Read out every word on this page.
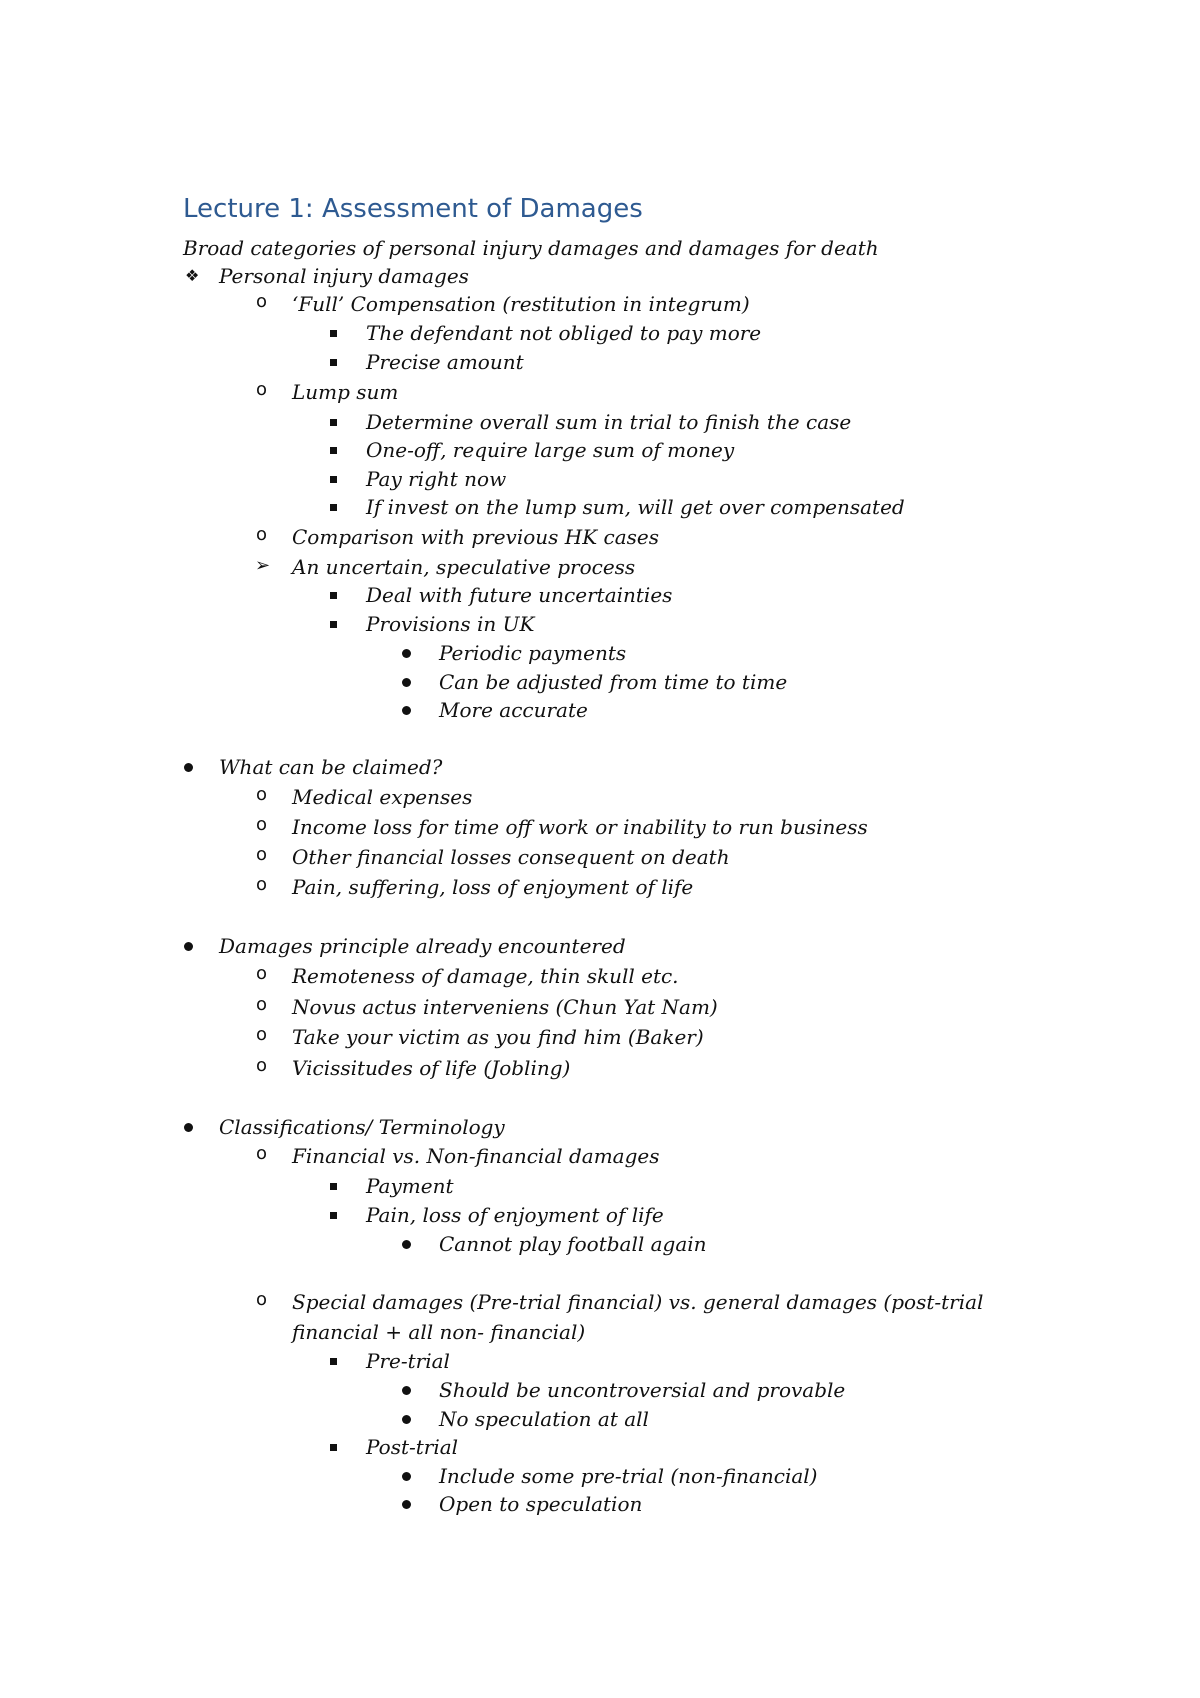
Lecture 1: Assessment of Damages
Broad categories of personal injury damages and damages for death
❖ Personal injury damages
o ‘Full’ Compensation (restitution in integrum)
The defendant not obliged to pay more
Precise amount
o Lump sum
Determine overall sum in trial to finish the case
One-off, require large sum of money
Pay right now
If invest on the lump sum, will get over compensated
o Comparison with previous HK cases
➢ An uncertain, speculative process
Deal with future uncertainties
Provisions in UK
Periodic payments
Can be adjusted from time to time
More accurate
What can be claimed?
o Medical expenses
o Income loss for time off work or inability to run business
o Other financial losses consequent on death
o Pain, suffering, loss of enjoyment of life
Damages principle already encountered
o Remoteness of damage, thin skull etc.
o Novus actus interveniens (Chun Yat Nam)
o Take your victim as you find him (Baker)
o Vicissitudes of life (Jobling)
Classifications/ Terminology
o Financial vs. Non-financial damages
Payment
Pain, loss of enjoyment of life
Cannot play football again
o Special damages (Pre-trial financial) vs. general damages (post-trial
financial + all non- financial)
Pre-trial
Should be uncontroversial and provable
No speculation at all
Post-trial
Include some pre-trial (non-financial)
Open to speculation
